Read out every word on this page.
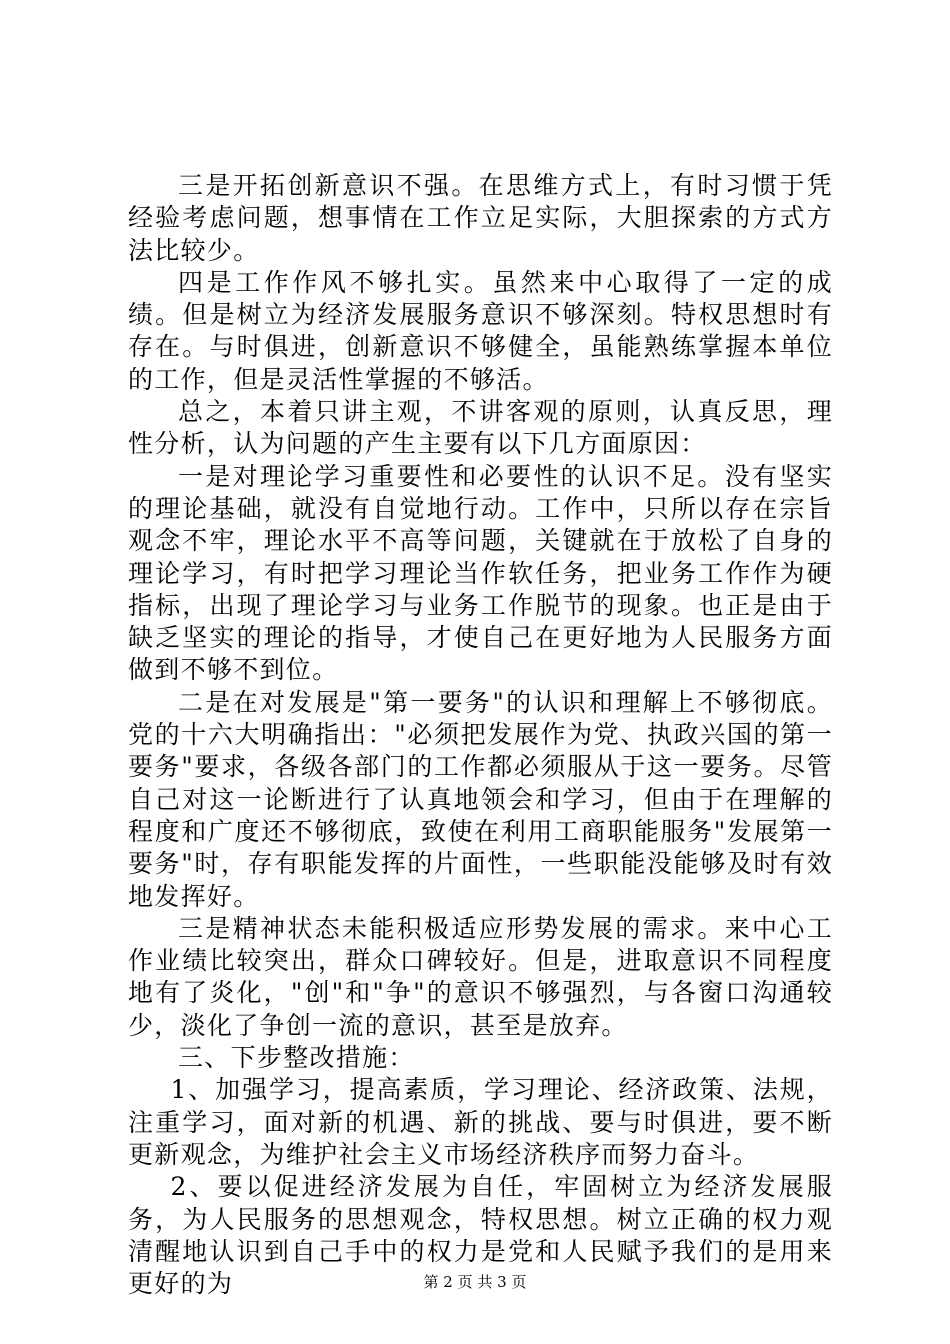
三是开拓创新意识不强。在思维方式上，有时习惯于凭经验考虑问题，想事情在工作立足实际，大胆探索的方式方法比较少。

四是工作作风不够扎实。虽然来中心取得了一定的成绩。但是树立为经济发展服务意识不够深刻。特权思想时有存在。与时俱进，创新意识不够健全，虽能熟练掌握本单位的工作，但是灵活性掌握的不够活。

总之，本着只讲主观，不讲客观的原则，认真反思，理性分析，认为问题的产生主要有以下几方面原因：

一是对理论学习重要性和必要性的认识不足。没有坚实的理论基础，就没有自觉地行动。工作中，只所以存在宗旨观念不牢，理论水平不高等问题，关键就在于放松了自身的理论学习，有时把学习理论当作软任务，把业务工作作为硬指标，出现了理论学习与业务工作脱节的现象。也正是由于缺乏坚实的理论的指导，才使自己在更好地为人民服务方面做到不够不到位。

二是在对发展是"第一要务"的认识和理解上不够彻底。党的十六大明确指出："必须把发展作为党、执政兴国的第一要务"要求，各级各部门的工作都必须服从于这一要务。尽管自己对这一论断进行了认真地领会和学习，但由于在理解的程度和广度还不够彻底，致使在利用工商职能服务"发展第一要务"时，存有职能发挥的片面性，一些职能没能够及时有效地发挥好。

三是精神状态未能积极适应形势发展的需求。来中心工作业绩比较突出，群众口碑较好。但是，进取意识不同程度地有了炎化，"创"和"争"的意识不够强烈，与各窗口沟通较少，淡化了争创一流的意识，甚至是放弃。

三、下步整改措施：

1、加强学习，提高素质，学习理论、经济政策、法规，注重学习，面对新的机遇、新的挑战、要与时俱进，要不断更新观念，为维护社会主义市场经济秩序而努力奋斗。

2、要以促进经济发展为自任，牢固树立为经济发展服务，为人民服务的思想观念，特权思想。树立正确的权力观清醒地认识到自己手中的权力是党和人民赋予我们的是用来更好的为	第 2 页 共 3 页
